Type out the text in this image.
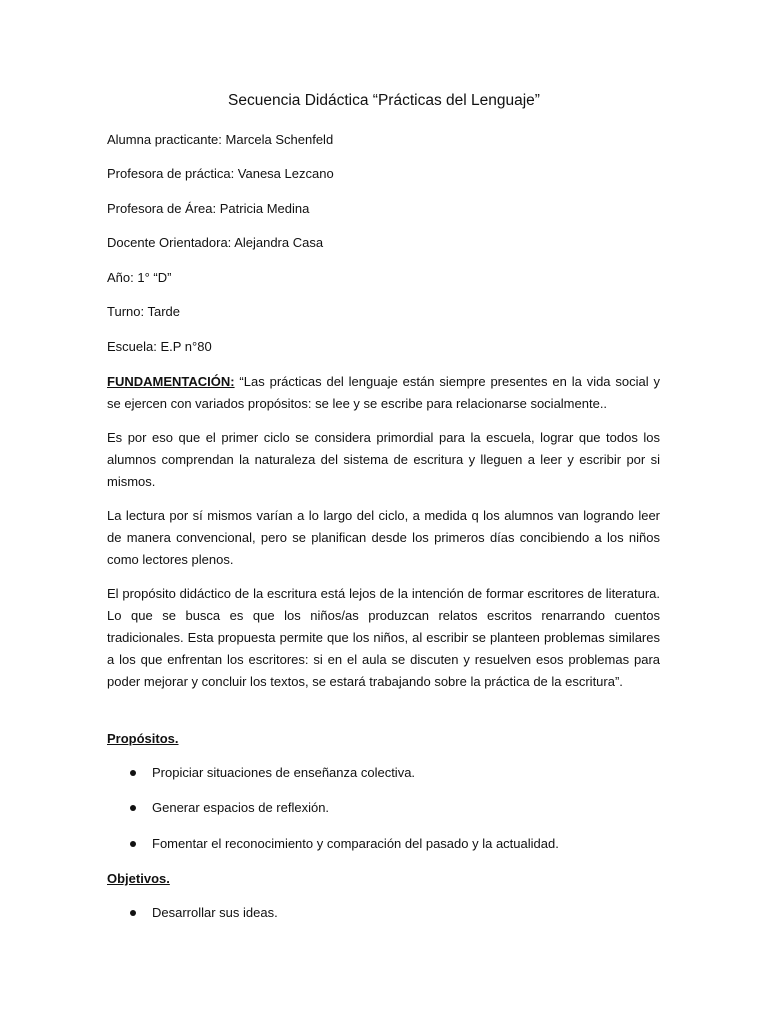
Secuencia Didáctica “Prácticas del Lenguaje”

Alumna practicante: Marcela Schenfeld

Profesora de práctica: Vanesa Lezcano

Profesora de Área: Patricia Medina

Docente Orientadora: Alejandra Casa

Año: 1° “D”

Turno: Tarde

Escuela: E.P n°80

FUNDAMENTACIÓN: “Las prácticas del lenguaje están siempre presentes en la vida social y se ejercen con variados propósitos: se lee y se escribe para relacionarse socialmente..

Es por eso que el primer ciclo se considera primordial para la escuela, lograr que todos los alumnos comprendan la naturaleza del sistema de escritura y lleguen a leer y escribir por si mismos.

La lectura por sí mismos varían a lo largo del ciclo, a medida q los alumnos van logrando leer de manera convencional, pero se planifican desde los primeros días concibiendo a los niños como lectores plenos.

El propósito didáctico de la escritura está lejos de la intención de formar escritores de literatura. Lo que se busca es que los niños/as produzcan relatos escritos renarrando cuentos tradicionales. Esta propuesta permite que los niños, al escribir se planteen problemas similares a los que enfrentan los escritores: si en el aula se discuten y resuelven esos problemas para poder mejorar y concluir los textos, se estará trabajando sobre la práctica de la escritura”.

Propósitos.

Propiciar situaciones de enseñanza colectiva.

Generar espacios de reflexión.

Fomentar el reconocimiento y comparación del pasado y la actualidad.

Objetivos.

Desarrollar sus ideas.
